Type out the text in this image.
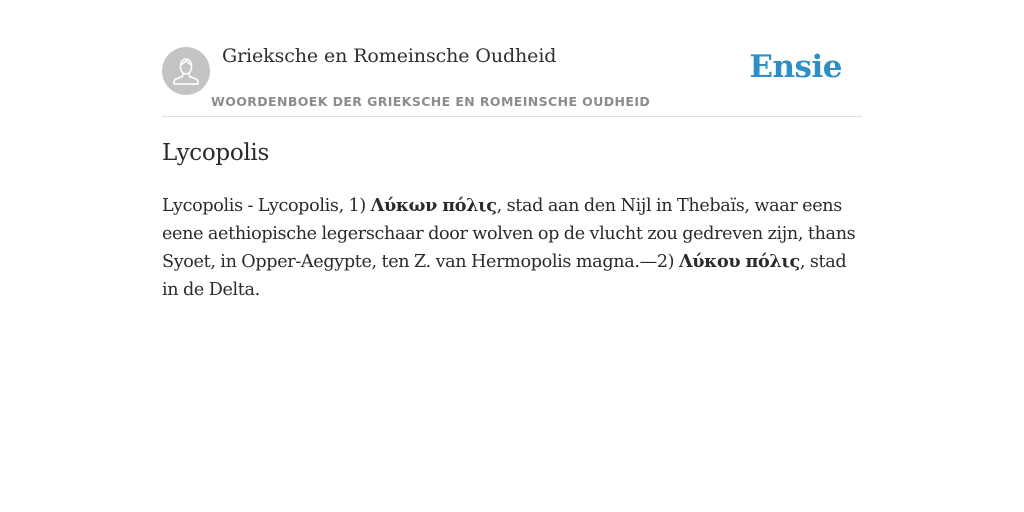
Grieksche en Romeinsche Oudheid
WOORDENBOEK DER GRIEKSCHE EN ROMEINSCHE OUDHEID
Ensie
Lycopolis

Lycopolis - Lycopolis, 1) Λύκων πόλις, stad aan den Nijl in Thebaïs, waar eens eene aethiopische legerschaar door wolven op de vlucht zou gedreven zijn, thans Syoet, in Opper-Aegypte, ten Z. van Hermopolis magna.—2) Λύκου πόλις, stad in de Delta.
